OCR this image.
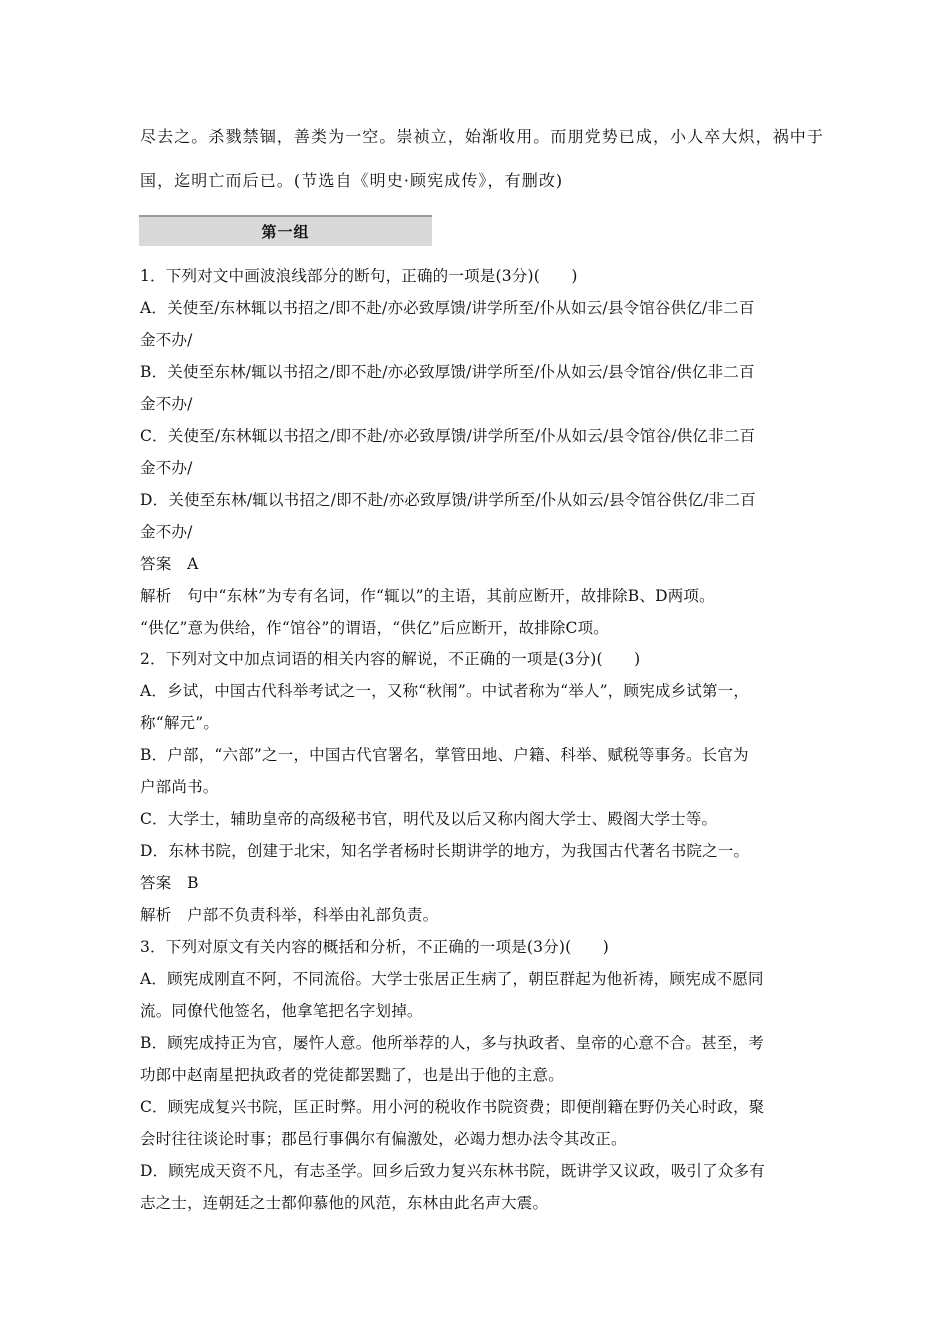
尽去之。杀戮禁锢，善类为一空。崇祯立，始渐收用。而朋党势已成，小人卒大炽，祸中于
国，迄明亡而后已。(节选自《明史·顾宪成传》，有删改)
第一组
1．下列对文中画波浪线部分的断句，正确的一项是(3分)(　　)
A．关使至/东林辄以书招之/即不赴/亦必致厚馈/讲学所至/仆从如云/县令馆谷供亿/非二百
金不办/
B．关使至东林/辄以书招之/即不赴/亦必致厚馈/讲学所至/仆从如云/县令馆谷/供亿非二百
金不办/
C．关使至/东林辄以书招之/即不赴/亦必致厚馈/讲学所至/仆从如云/县令馆谷/供亿非二百
金不办/
D．关使至东林/辄以书招之/即不赴/亦必致厚馈/讲学所至/仆从如云/县令馆谷供亿/非二百
金不办/
答案　A
解析　句中“东林”为专有名词，作“辄以”的主语，其前应断开，故排除B、D两项。
“供亿”意为供给，作“馆谷”的谓语，“供亿”后应断开，故排除C项。
2．下列对文中加点词语的相关内容的解说，不正确的一项是(3分)(　　)
A．乡试，中国古代科举考试之一，又称“秋闱”。中试者称为“举人”，顾宪成乡试第一，
称“解元”。
B．户部，“六部”之一，中国古代官署名，掌管田地、户籍、科举、赋税等事务。长官为
户部尚书。
C．大学士，辅助皇帝的高级秘书官，明代及以后又称内阁大学士、殿阁大学士等。
D．东林书院，创建于北宋，知名学者杨时长期讲学的地方，为我国古代著名书院之一。
答案　B
解析　户部不负责科举，科举由礼部负责。
3．下列对原文有关内容的概括和分析，不正确的一项是(3分)(　　)
A．顾宪成刚直不阿，不同流俗。大学士张居正生病了，朝臣群起为他祈祷，顾宪成不愿同
流。同僚代他签名，他拿笔把名字划掉。
B．顾宪成持正为官，屡忤人意。他所举荐的人，多与执政者、皇帝的心意不合。甚至，考
功郎中赵南星把执政者的党徒都罢黜了，也是出于他的主意。
C．顾宪成复兴书院，匡正时弊。用小河的税收作书院资费；即便削籍在野仍关心时政，聚
会时往往谈论时事；郡邑行事偶尔有偏激处，必竭力想办法令其改正。
D．顾宪成天资不凡，有志圣学。回乡后致力复兴东林书院，既讲学又议政，吸引了众多有
志之士，连朝廷之士都仰慕他的风范，东林由此名声大震。
